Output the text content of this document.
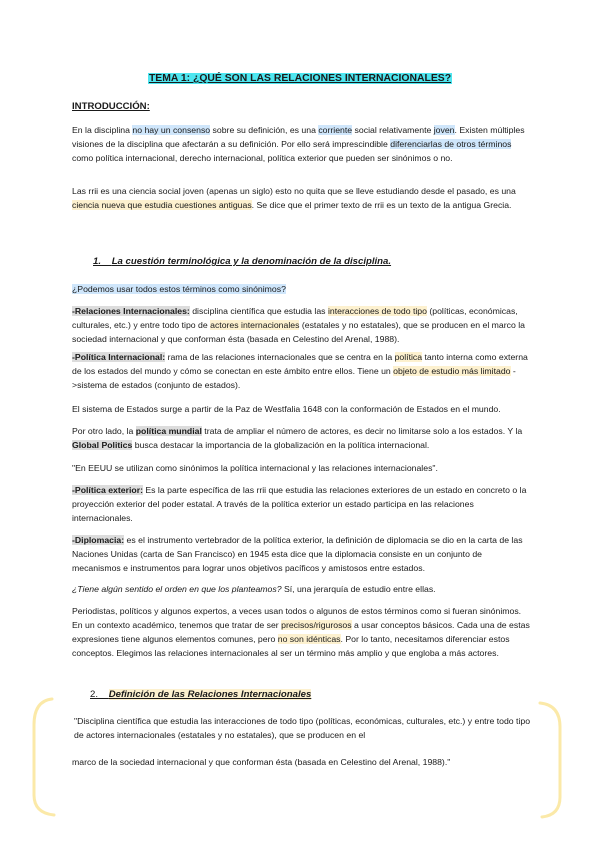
TEMA 1: ¿QUÉ SON LAS RELACIONES INTERNACIONALES?

INTRODUCCIÓN:

En la disciplina no hay un consenso sobre su definición, es una corriente social relativamente joven. Existen múltiples visiones de la disciplina que afectarán a su definición. Por ello será imprescindible diferenciarlas de otros términos como política internacional, derecho internacional, política exterior que pueden ser sinónimos o no.

Las rrii es una ciencia social joven (apenas un siglo) esto no quita que se lleve estudiando desde el pasado, es una ciencia nueva que estudia cuestiones antiguas. Se dice que el primer texto de rrii es un texto de la antigua Grecia.

1. La cuestión terminológica y la denominación de la disciplina.

¿Podemos usar todos estos términos como sinónimos?

-Relaciones Internacionales: disciplina científica que estudia las interacciones de todo tipo (políticas, económicas, culturales, etc.) y entre todo tipo de actores internacionales (estatales y no estatales), que se producen en el marco la sociedad internacional y que conforman ésta (basada en Celestino del Arenal, 1988).

-Política Internacional: rama de las relaciones internacionales que se centra en la política tanto interna como externa de los estados del mundo y cómo se conectan en este ámbito entre ellos. Tiene un objeto de estudio más limitado ->sistema de estados (conjunto de estados).

El sistema de Estados surge a partir de la Paz de Westfalia 1648 con la conformación de Estados en el mundo.

Por otro lado, la política mundial trata de ampliar el número de actores, es decir no limitarse solo a los estados. Y la Global Politics busca destacar la importancia de la globalización en la política internacional.

"En EEUU se utilizan como sinónimos la política internacional y las relaciones internacionales".

-Política exterior: Es la parte específica de las rrii que estudia las relaciones exteriores de un estado en concreto o la proyección exterior del poder estatal. A través de la política exterior un estado participa en las relaciones internacionales.

-Diplomacia: es el instrumento vertebrador de la política exterior, la definición de diplomacia se dio en la carta de las Naciones Unidas (carta de San Francisco) en 1945 esta dice que la diplomacia consiste en un conjunto de mecanismos e instrumentos para lograr unos objetivos pacíficos y amistosos entre estados.

¿Tiene algún sentido el orden en que los planteamos? Sí, una jerarquía de estudio entre ellas.

Periodistas, políticos y algunos expertos, a veces usan todos o algunos de estos términos como si fueran sinónimos. En un contexto académico, tenemos que tratar de ser precisos/rigurosos a usar conceptos básicos. Cada una de estas expresiones tiene algunos elementos comunes, pero no son idénticas. Por lo tanto, necesitamos diferenciar estos conceptos. Elegimos las relaciones internacionales al ser un término más amplio y que engloba a más actores.

2. Definición de las Relaciones Internacionales

"Disciplina científica que estudia las interacciones de todo tipo (políticas, económicas, culturales, etc.) y entre todo tipo de actores internacionales (estatales y no estatales), que se producen en el

marco de la sociedad internacional y que conforman ésta (basada en Celestino del Arenal, 1988)."
